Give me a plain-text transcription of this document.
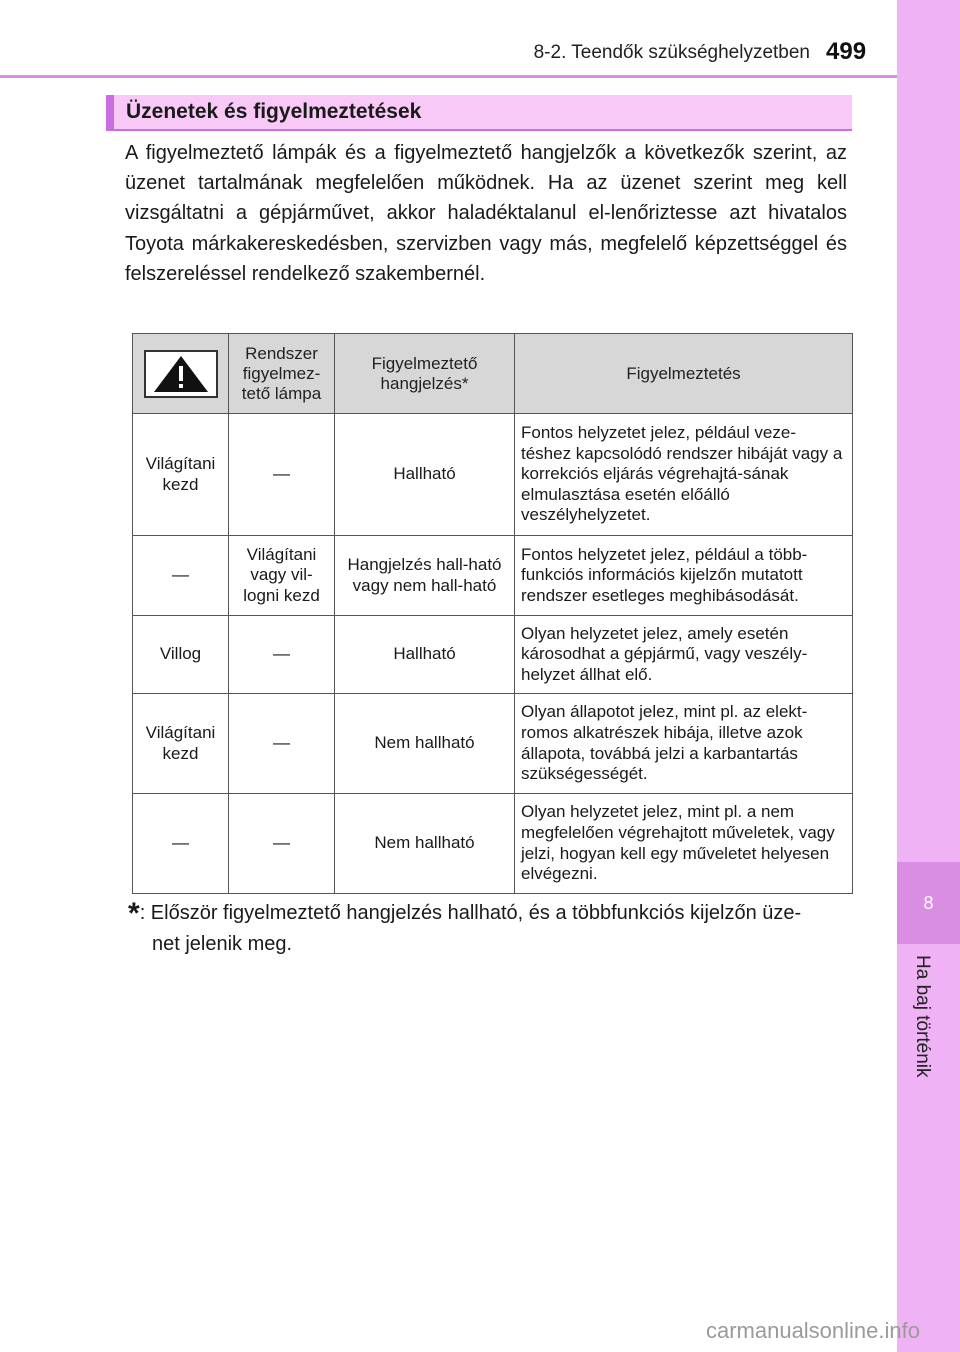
8
Ha baj történik
8-2. Teendők szükséghelyzetben 499
Üzenetek és figyelmeztetések
A figyelmeztető lámpák és a figyelmeztető hangjelzők a következők szerint, az üzenet tartalmának megfelelően működnek. Ha az üzenet szerint meg kell vizsgáltatni a gépjárművet, akkor haladéktalanul el-lenőriztesse azt hivatalos Toyota márkakereskedésben, szervizben vagy más, megfelelő képzettséggel és felszereléssel rendelkező szakembernél.
	Rendszer figyelmez-tető lámpa	Figyelmeztető hangjelzés*	Figyelmeztetés
Világítani kezd	—	Hallható	Fontos helyzetet jelez, például veze-téshez kapcsolódó rendszer hibáját vagy a korrekciós eljárás végrehajtá-sának elmulasztása esetén előálló veszélyhelyzetet.
—	Világítani vagy vil-logni kezd	Hangjelzés hall-ható vagy nem hall-ható	Fontos helyzetet jelez, például a több-funkciós információs kijelzőn mutatott rendszer esetleges meghibásodását.
Villog	—	Hallható	Olyan helyzetet jelez, amely esetén károsodhat a gépjármű, vagy veszély-helyzet állhat elő.
Világítani kezd	—	Nem hallható	Olyan állapotot jelez, mint pl. az elekt-romos alkatrészek hibája, illetve azok állapota, továbbá jelzi a karbantartás szükségességét.
—	—	Nem hallható	Olyan helyzetet jelez, mint pl. a nem megfelelően végrehajtott műveletek, vagy jelzi, hogyan kell egy műveletet helyesen elvégezni.
*: Először figyelmeztető hangjelzés hallható, és a többfunkciós kijelzőn üze-
net jelenik meg.
carmanualsonline.info
